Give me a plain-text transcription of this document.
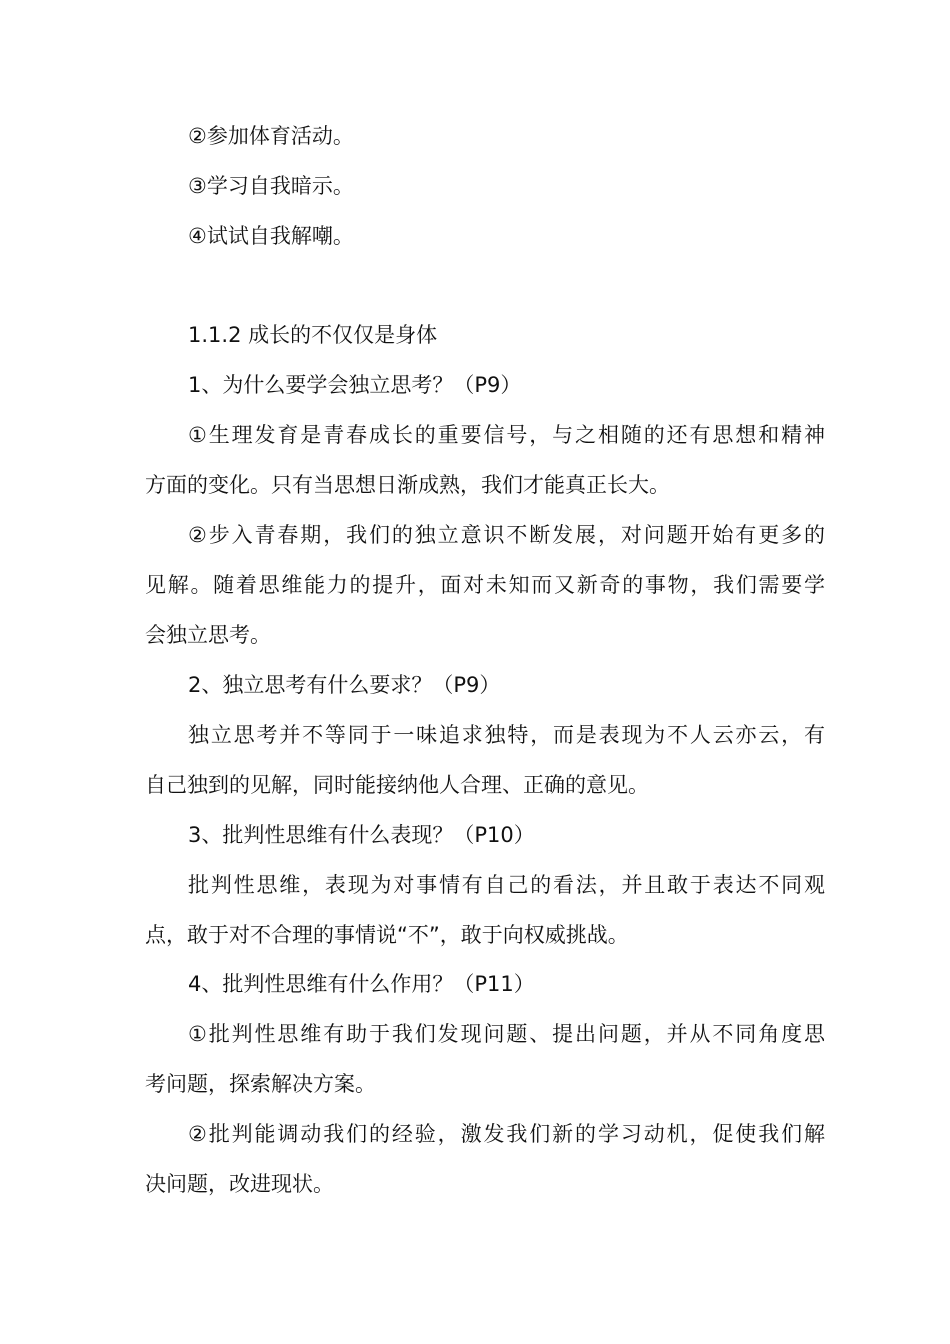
②参加体育活动。
③学习自我暗示。
④试试自我解嘲。
1.1.2 成长的不仅仅是身体
1、为什么要学会独立思考？（P9）
①生理发育是青春成长的重要信号，与之相随的还有思想和精神
方面的变化。只有当思想日渐成熟，我们才能真正长大。
②步入青春期，我们的独立意识不断发展，对问题开始有更多的
见解。随着思维能力的提升，面对未知而又新奇的事物，我们需要学
会独立思考。
2、独立思考有什么要求？（P9）
独立思考并不等同于一味追求独特，而是表现为不人云亦云，有
自己独到的见解，同时能接纳他人合理、正确的意见。
3、批判性思维有什么表现？（P10）
批判性思维，表现为对事情有自己的看法，并且敢于表达不同观
点，敢于对不合理的事情说“不”，敢于向权威挑战。
4、批判性思维有什么作用？（P11）
①批判性思维有助于我们发现问题、提出问题，并从不同角度思
考问题，探索解决方案。
②批判能调动我们的经验，激发我们新的学习动机，促使我们解
决问题，改进现状。
